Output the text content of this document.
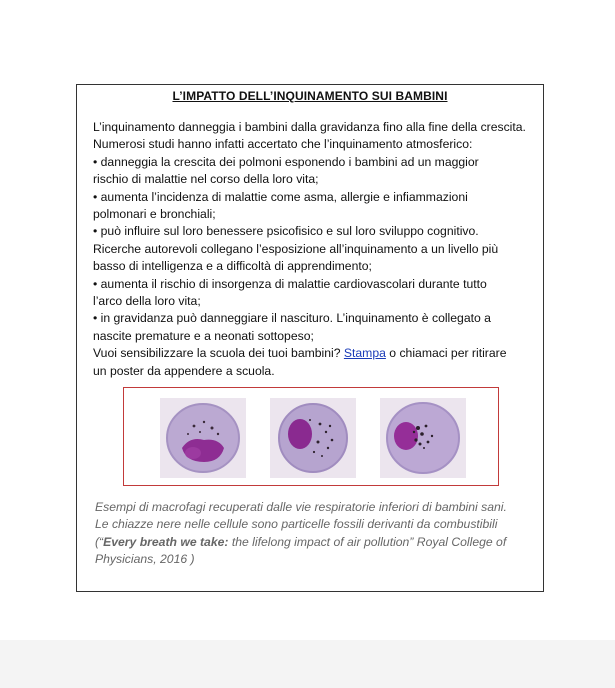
L’IMPATTO DELL’INQUINAMENTO SUI BAMBINI
L’inquinamento danneggia i bambini dalla gravidanza fino alla fine della crescita.
Numerosi studi hanno infatti accertato che l’inquinamento atmosferico:
• danneggia la crescita dei polmoni esponendo i bambini ad un maggior
rischio di malattie nel corso della loro vita;
• aumenta l’incidenza di malattie come asma, allergie e infiammazioni
polmonari e bronchiali;
• può influire sul loro benessere psicofisico e sul loro sviluppo cognitivo.
Ricerche autorevoli collegano l’esposizione all’inquinamento a un livello più
basso di intelligenza e a difficoltà di apprendimento;
• aumenta il rischio di insorgenza di malattie cardiovascolari durante tutto
l’arco della loro vita;
• in gravidanza può danneggiare il nascituro. L’inquinamento è collegato a
nascite premature e a neonati sottopeso;
Vuoi sensibilizzare la scuola dei tuoi bambini? Stampa o chiamaci per ritirare
un poster da appendere a scuola.
Esempi di macrofagi recuperati dalle vie respiratorie inferiori di bambini sani.
Le chiazze nere nelle cellule sono particelle fossili derivanti da combustibili
(“Every breath we take: the lifelong impact of air pollution” Royal College of
Physicians, 2016 )
